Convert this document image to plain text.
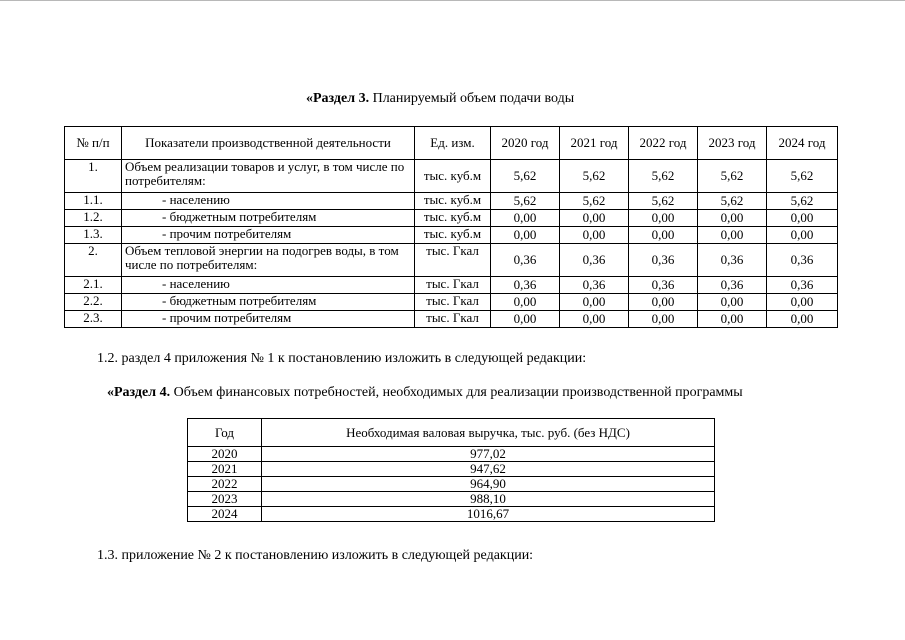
«Раздел 3. Планируемый объем подачи воды
№ п/п	Показатели производственной деятельности	Ед. изм.	2020 год	2021 год	2022 год	2023 год	2024 год
1.	Объем реализации товаров и услуг, в том числе по потребителям:	тыс. куб.м	5,62	5,62	5,62	5,62	5,62
1.1.	- населению	тыс. куб.м	5,62	5,62	5,62	5,62	5,62
1.2.	- бюджетным потребителям	тыс. куб.м	0,00	0,00	0,00	0,00	0,00
1.3.	- прочим потребителям	тыс. куб.м	0,00	0,00	0,00	0,00	0,00
2.	Объем тепловой энергии на подогрев воды, в том числе по потребителям:	тыс. Гкал	0,36	0,36	0,36	0,36	0,36
2.1.	- населению	тыс. Гкал	0,36	0,36	0,36	0,36	0,36
2.2.	- бюджетным потребителям	тыс. Гкал	0,00	0,00	0,00	0,00	0,00
2.3.	- прочим потребителям	тыс. Гкал	0,00	0,00	0,00	0,00	0,00
1.2. раздел 4 приложения № 1 к постановлению изложить в следующей редакции:
«Раздел 4. Объем финансовых потребностей, необходимых для реализации производственной программы
Год	Необходимая валовая выручка, тыс. руб. (без НДС)
2020	977,02
2021	947,62
2022	964,90
2023	988,10
2024	1016,67
1.3. приложение № 2 к постановлению изложить в следующей редакции:
